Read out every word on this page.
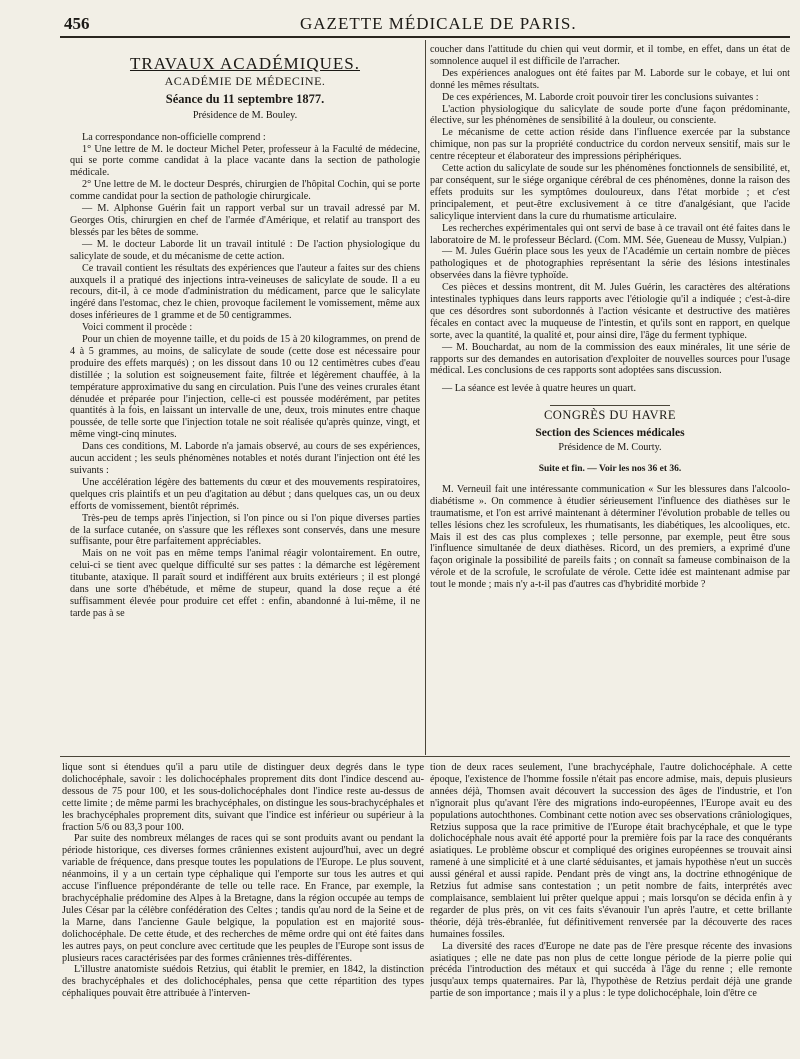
456	GAZETTE MÉDICALE DE PARIS.
TRAVAUX ACADÉMIQUES.
ACADÉMIE DE MÉDECINE.
Séance du 11 septembre 1877.
Présidence de M. Bouley.

La correspondance non-officielle comprend :

1° Une lettre de M. le docteur Michel Peter, professeur à la Faculté de médecine, qui se porte comme candidat à la place vacante dans la section de pathologie médicale.

2° Une lettre de M. le docteur Després, chirurgien de l'hôpital Cochin, qui se porte comme candidat pour la section de pathologie chirurgicale.

— M. Alphonse Guérin fait un rapport verbal sur un travail adressé par M. Georges Otis, chirurgien en chef de l'armée d'Amérique, et relatif au transport des blessés par les bêtes de somme.

— M. le docteur Laborde lit un travail intitulé : De l'action physiologique du salicylate de soude, et du mécanisme de cette action.

Ce travail contient les résultats des expériences que l'auteur a faites sur des chiens auxquels il a pratiqué des injections intra-veineuses de salicylate de soude. Il a eu recours, dit-il, à ce mode d'administration du médicament, parce que le salicylate ingéré dans l'estomac, chez le chien, provoque facilement le vomissement, même aux doses inférieures de 1 gramme et de 50 centigrammes.

Voici comment il procède :

Pour un chien de moyenne taille, et du poids de 15 à 20 kilogrammes, on prend de 4 à 5 grammes, au moins, de salicylate de soude (cette dose est nécessaire pour produire des effets marqués) ; on les dissout dans 10 ou 12 centimètres cubes d'eau distillée ; la solution est soigneusement faite, filtrée et légèrement chauffée, à la température approximative du sang en circulation. Puis l'une des veines crurales étant dénudée et préparée pour l'injection, celle-ci est poussée modérément, par petites quantités à la fois, en laissant un intervalle de une, deux, trois minutes entre chaque poussée, de telle sorte que l'injection totale ne soit réalisée qu'après quinze, vingt, et même vingt-cinq minutes.

Dans ces conditions, M. Laborde n'a jamais observé, au cours de ses expériences, aucun accident ; les seuls phénomènes notables et notés durant l'injection ont été les suivants :

Une accélération légère des battements du cœur et des mouvements respiratoires, quelques cris plaintifs et un peu d'agitation au début ; dans quelques cas, un ou deux efforts de vomissement, bientôt réprimés.

Très-peu de temps après l'injection, si l'on pince ou si l'on pique diverses parties de la surface cutanée, on s'assure que les réflexes sont conservés, dans une mesure suffisante, pour être parfaitement appréciables.

Mais on ne voit pas en même temps l'animal réagir volontairement. En outre, celui-ci se tient avec quelque difficulté sur ses pattes : la démarche est légèrement titubante, ataxique. Il paraît sourd et indifférent aux bruits extérieurs ; il est plongé dans une sorte d'hébétude, et même de stupeur, quand la dose reçue a été suffisamment élevée pour produire cet effet : enfin, abandonné à lui-même, il ne tarde pas à se

coucher dans l'attitude du chien qui veut dormir, et il tombe, en effet, dans un état de somnolence auquel il est difficile de l'arracher.

Des expériences analogues ont été faites par M. Laborde sur le cobaye, et lui ont donné les mêmes résultats.

De ces expériences, M. Laborde croit pouvoir tirer les conclusions suivantes :

L'action physiologique du salicylate de soude porte d'une façon prédominante, élective, sur les phénomènes de sensibilité à la douleur, ou consciente.

Le mécanisme de cette action réside dans l'influence exercée par la substance chimique, non pas sur la propriété conductrice du cordon nerveux sensitif, mais sur le centre récepteur et élaborateur des impressions périphériques.

Cette action du salicylate de soude sur les phénomènes fonctionnels de sensibilité, et, par conséquent, sur le siége organique cérébral de ces phénomènes, donne la raison des effets produits sur les symptômes douloureux, dans l'état morbide ; et c'est principalement, et peut-être exclusivement à ce titre d'analgésiant, que l'acide salicylique intervient dans la cure du rhumatisme articulaire.

Les recherches expérimentales qui ont servi de base à ce travail ont été faites dans le laboratoire de M. le professeur Béclard. (Com. MM. Sée, Gueneau de Mussy, Vulpian.)

— M. Jules Guérin place sous les yeux de l'Académie un certain nombre de pièces pathologiques et de photographies représentant la série des lésions intestinales observées dans la fièvre typhoïde.

Ces pièces et dessins montrent, dit M. Jules Guérin, les caractères des altérations intestinales typhiques dans leurs rapports avec l'étiologie qu'il a indiquée ; c'est-à-dire que ces désordres sont subordonnés à l'action vésicante et destructive des matières fécales en contact avec la muqueuse de l'intestin, et qu'ils sont en rapport, en quelque sorte, avec la quantité, la qualité et, pour ainsi dire, l'âge du ferment typhique.

— M. Bouchardat, au nom de la commission des eaux minérales, lit une série de rapports sur des demandes en autorisation d'exploiter de nouvelles sources pour l'usage médical. Les conclusions de ces rapports sont adoptées sans discussion.

— La séance est levée à quatre heures un quart.

CONGRÈS DU HAVRE
Section des Sciences médicales
Présidence de M. Courty.
Suite et fin. — Voir les nos 36 et 36.

M. Verneuil fait une intéressante communication « Sur les blessures dans l'alcoolo-diabétisme ». On commence à étudier sérieusement l'influence des diathèses sur le traumatisme, et l'on est arrivé maintenant à déterminer l'évolution probable de telles ou telles lésions chez les scrofuleux, les rhumatisants, les diabétiques, les alcooliques, etc. Mais il est des cas plus complexes ; telle personne, par exemple, peut être sous l'influence simultanée de deux diathèses. Ricord, un des premiers, a exprimé d'une façon originale la possibilité de pareils faits ; on connaît sa fameuse combinaison de la vérole et de la scrofule, le scrofulate de vérole. Cette idée est maintenant admise par tout le monde ; mais n'y a-t-il pas d'autres cas d'hybridité morbide ?

lique sont si étendues qu'il a paru utile de distinguer deux degrés dans le type dolichocéphale, savoir : les dolichocéphales proprement dits dont l'indice descend au-dessous de 75 pour 100, et les sous-dolichocéphales dont l'indice reste au-dessus de cette limite ; de même parmi les brachycéphales, on distingue les sous-brachycéphales et les brachycéphales proprement dits, suivant que l'indice est inférieur ou supérieur à la fraction 5/6 ou 83,3 pour 100.

Par suite des nombreux mélanges de races qui se sont produits avant ou pendant la période historique, ces diverses formes crâniennes existent aujourd'hui, avec un degré variable de fréquence, dans presque toutes les populations de l'Europe. Le plus souvent, néanmoins, il y a un certain type céphalique qui l'emporte sur tous les autres et qui accuse l'influence prépondérante de telle ou telle race. En France, par exemple, la brachycéphalie prédomine des Alpes à la Bretagne, dans la région occupée au temps de Jules César par la célèbre confédération des Celtes ; tandis qu'au nord de la Seine et de la Marne, dans l'ancienne Gaule belgique, la population est en majorité sous-dolichocéphale. De cette étude, et des recherches de même ordre qui ont été faites dans les autres pays, on peut conclure avec certitude que les peuples de l'Europe sont issus de plusieurs races caractérisées par des formes crâniennes très-différentes.

L'illustre anatomiste suédois Retzius, qui établit le premier, en 1842, la distinction des brachycéphales et des dolichocéphales, pensa que cette répartition des types céphaliques pouvait être attribuée à l'interven-

tion de deux races seulement, l'une brachycéphale, l'autre dolichocéphale. A cette époque, l'existence de l'homme fossile n'était pas encore admise, mais, depuis plusieurs années déjà, Thomsen avait découvert la succession des âges de l'industrie, et l'on n'ignorait plus qu'avant l'ère des migrations indo-européennes, l'Europe avait eu des populations autochthones. Combinant cette notion avec ses observations crâniologiques, Retzius supposa que la race primitive de l'Europe était brachycéphale, et que le type dolichocéphale nous avait été apporté pour la première fois par la race des conquérants asiatiques. Le problème obscur et compliqué des origines européennes se trouvait ainsi ramené à une simplicité et à une clarté séduisantes, et jamais hypothèse n'eut un succès aussi général et aussi rapide. Pendant près de vingt ans, la doctrine ethnogénique de Retzius fut admise sans contestation ; un petit nombre de faits, interprétés avec complaisance, semblaient lui prêter quelque appui ; mais lorsqu'on se décida enfin à y regarder de plus près, on vit ces faits s'évanouir l'un après l'autre, et cette brillante théorie, déjà très-ébranlée, fut définitivement renversée par la découverte des races humaines fossiles.

La diversité des races d'Europe ne date pas de l'ère presque récente des invasions asiatiques ; elle ne date pas non plus de cette longue période de la pierre polie qui précéda l'introduction des métaux et qui succéda à l'âge du renne ; elle remonte jusqu'aux temps quaternaires. Par là, l'hypothèse de Retzius perdait déjà une grande partie de son importance ; mais il y a plus : le type dolichocéphale, loin d'être ce
